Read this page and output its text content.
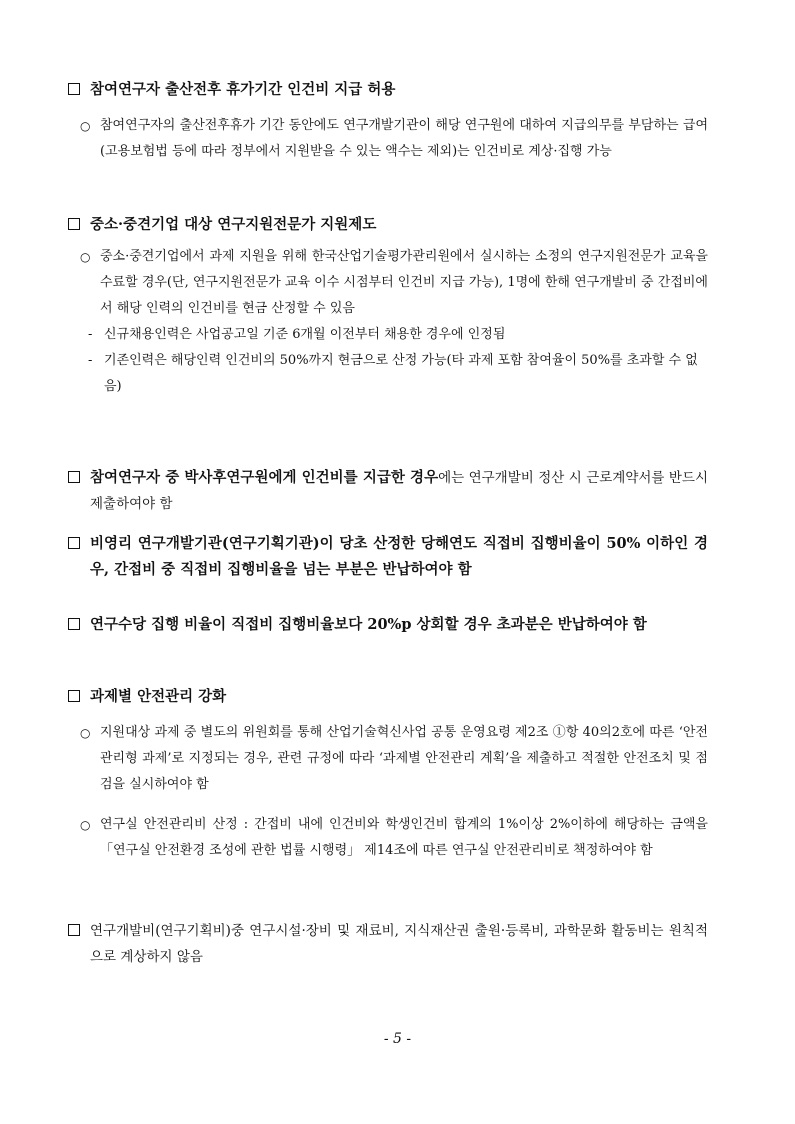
참여연구자 출산전후 휴가기간 인건비 지급 허용
○ 참여연구자의 출산전후휴가 기간 동안에도 연구개발기관이 해당 연구원에 대하여 지급의무를 부담하는 급여(고용보험법 등에 따라 정부에서 지원받을 수 있는 액수는 제외)는 인건비로 계상·집행 가능
중소·중견기업 대상 연구지원전문가 지원제도
○ 중소·중견기업에서 과제 지원을 위해 한국산업기술평가관리원에서 실시하는 소정의 연구지원전문가 교육을 수료할 경우(단, 연구지원전문가 교육 이수 시점부터 인건비 지급 가능), 1명에 한해 연구개발비 중 간접비에서 해당 인력의 인건비를 현금 산정할 수 있음
- 신규채용인력은 사업공고일 기준 6개월 이전부터 채용한 경우에 인정됨
- 기존인력은 해당인력 인건비의 50%까지 현금으로 산정 가능(타 과제 포함 참여율이 50%를 초과할 수 없음)
참여연구자 중 박사후연구원에게 인건비를 지급한 경우에는 연구개발비 정산 시 근로계약서를 반드시 제출하여야 함
비영리 연구개발기관(연구기획기관)이 당초 산정한 당해연도 직접비 집행비율이 50% 이하인 경우, 간접비 중 직접비 집행비율을 넘는 부분은 반납하여야 함
연구수당 집행 비율이 직접비 집행비율보다 20%p 상회할 경우 초과분은 반납하여야 함
과제별 안전관리 강화
○ 지원대상 과제 중 별도의 위원회를 통해 산업기술혁신사업 공통 운영요령 제2조 ①항 40의2호에 따른 ‘안전관리형 과제’로 지정되는 경우, 관련 규정에 따라 ‘과제별 안전관리 계획’을 제출하고 적절한 안전조치 및 점검을 실시하여야 함
○ 연구실 안전관리비 산정 : 간접비 내에 인건비와 학생인건비 합계의 1%이상 2%이하에 해당하는 금액을 「연구실 안전환경 조성에 관한 법률 시행령」 제14조에 따른 연구실 안전관리비로 책정하여야 함
연구개발비(연구기획비)중 연구시설·장비 및 재료비, 지식재산권 출원·등록비, 과학문화 활동비는 원칙적으로 계상하지 않음
- 5 -
